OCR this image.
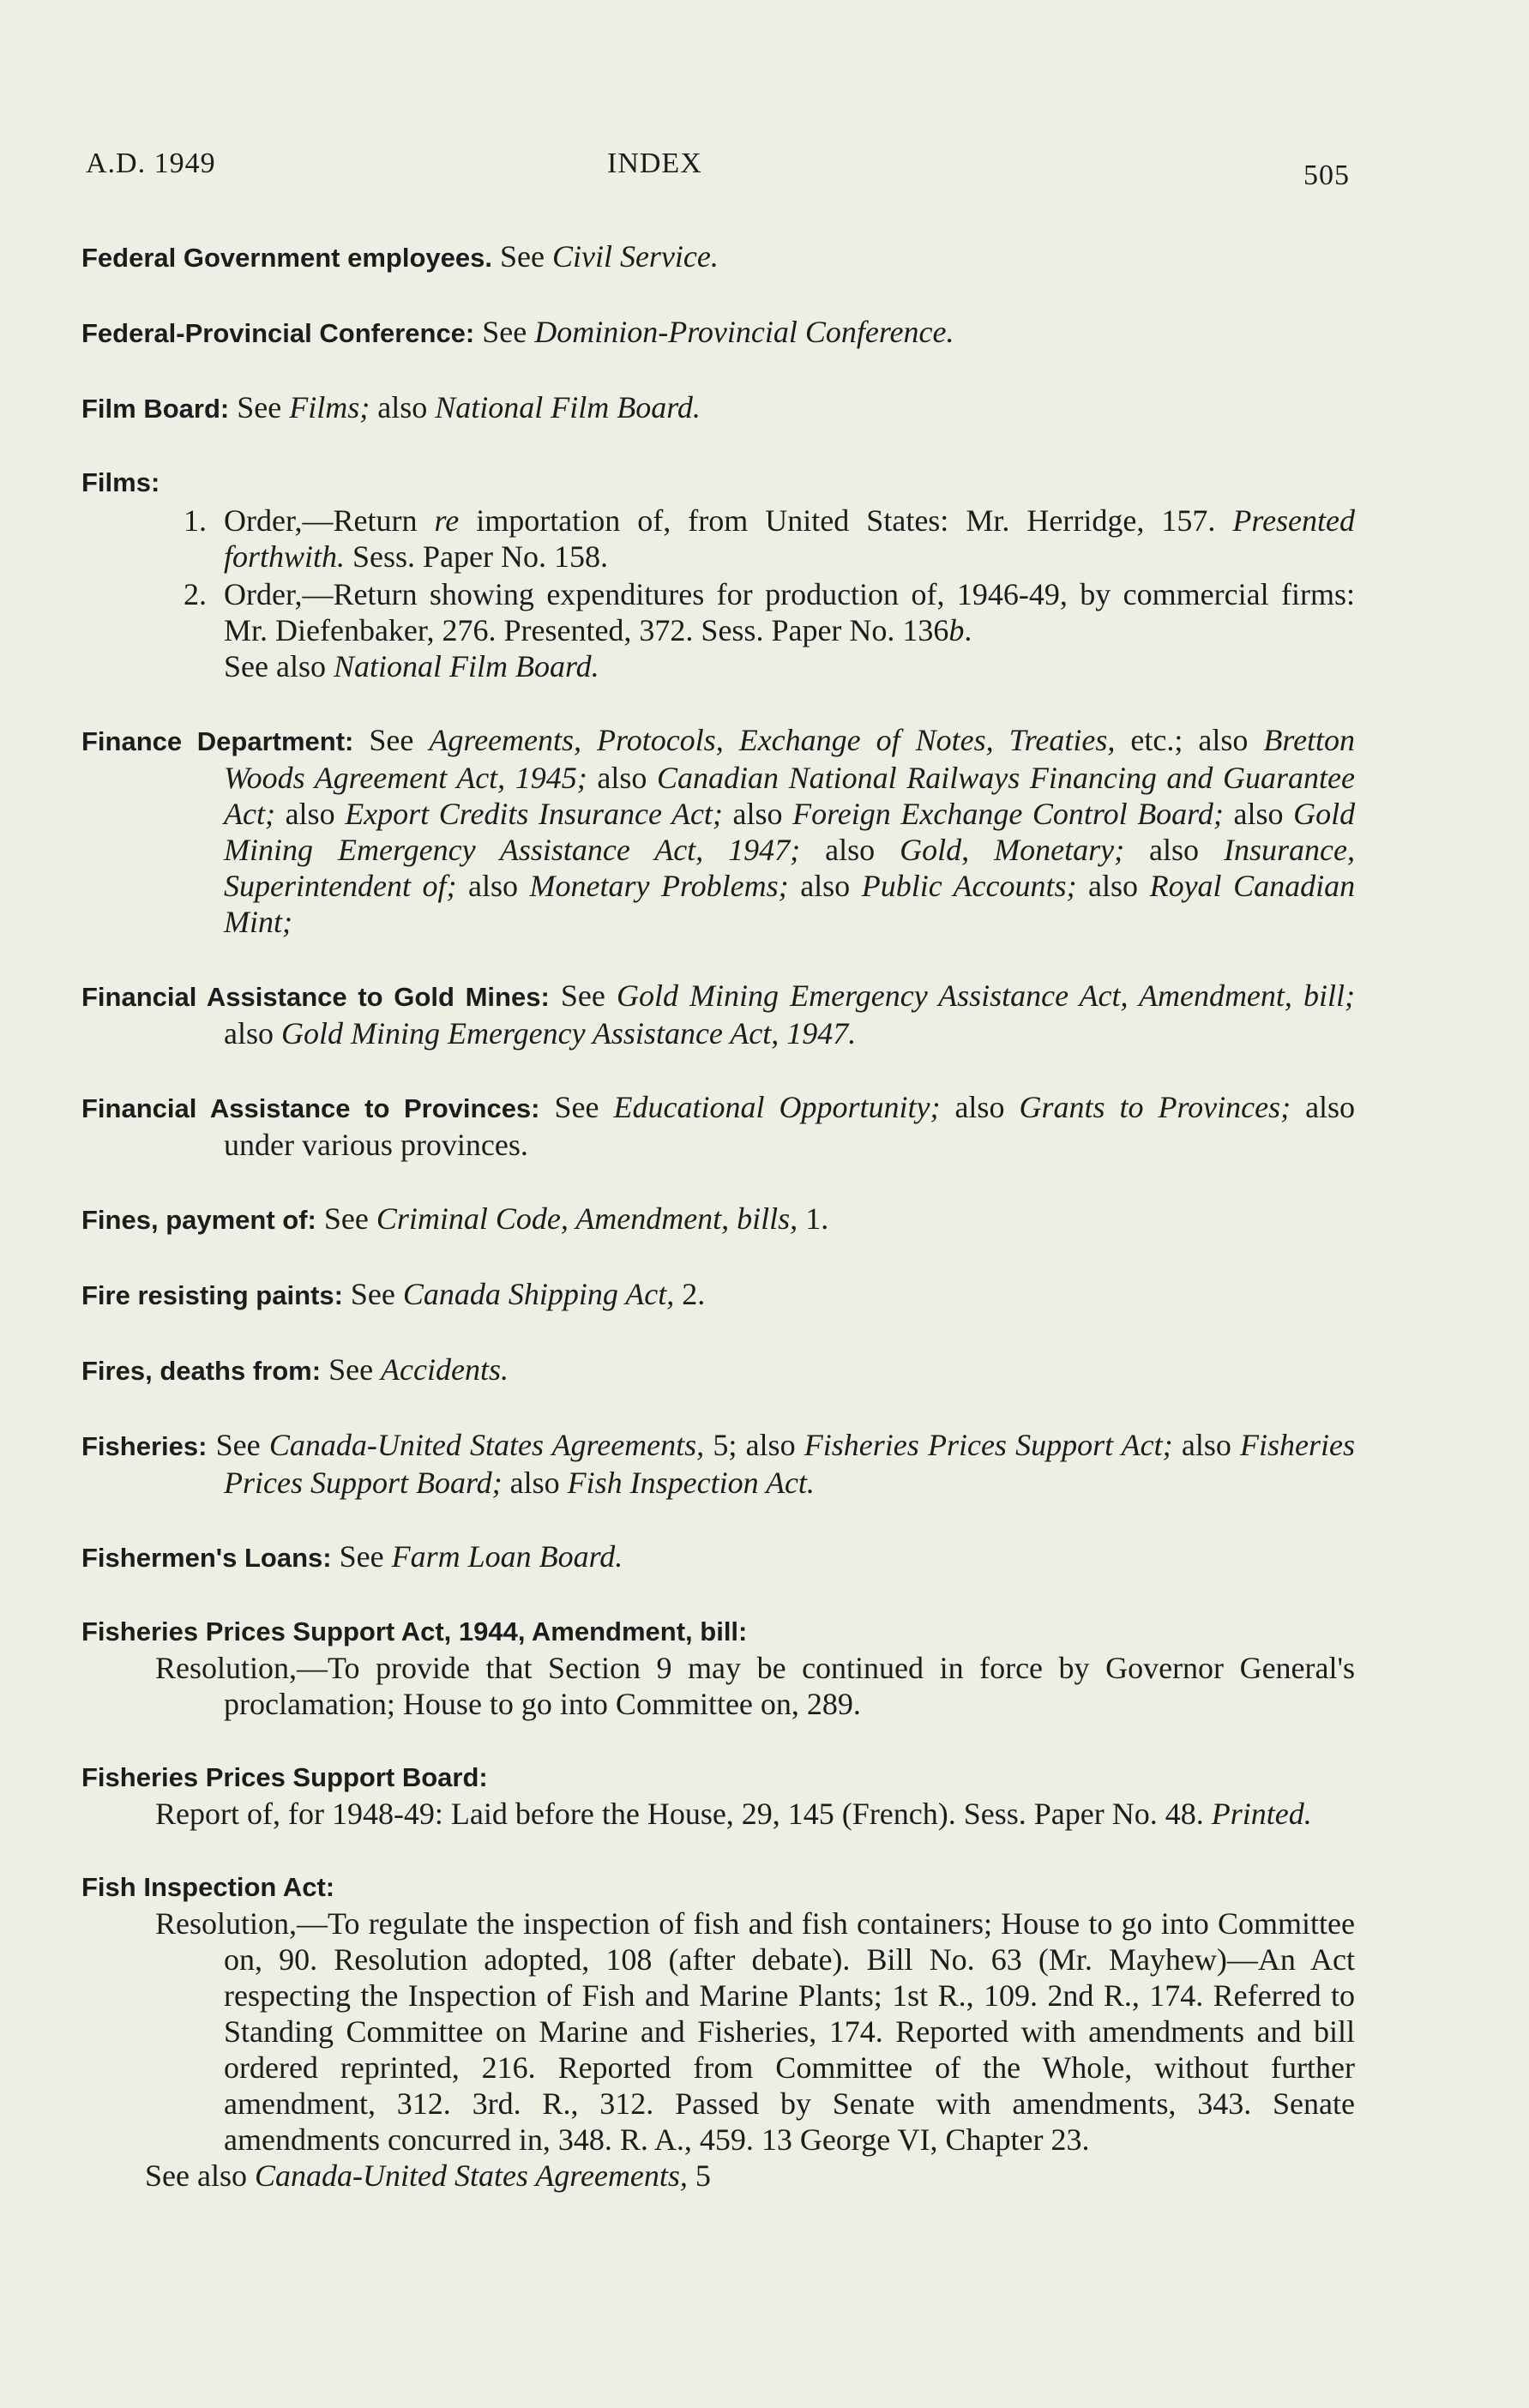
A.D. 1949	INDEX	505
Federal Government employees. See Civil Service.
Federal-Provincial Conference: See Dominion-Provincial Conference.
Film Board: See Films; also National Film Board.
Films:
1. Order,—Return re importation of, from United States: Mr. Herridge, 157. Presented forthwith. Sess. Paper No. 158.
2. Order,—Return showing expenditures for production of, 1946-49, by commercial firms: Mr. Diefenbaker, 276. Presented, 372. Sess. Paper No. 136b.
See also National Film Board.
Finance Department: See Agreements, Protocols, Exchange of Notes, Treaties, etc.; also Bretton Woods Agreement Act, 1945; also Canadian National Railways Financing and Guarantee Act; also Export Credits Insurance Act; also Foreign Exchange Control Board; also Gold Mining Emergency Assistance Act, 1947; also Gold, Monetary; also Insurance, Superintendent of; also Monetary Problems; also Public Accounts; also Royal Canadian Mint;
Financial Assistance to Gold Mines: See Gold Mining Emergency Assistance Act, Amendment, bill; also Gold Mining Emergency Assistance Act, 1947.
Financial Assistance to Provinces: See Educational Opportunity; also Grants to Provinces; also under various provinces.
Fines, payment of: See Criminal Code, Amendment, bills, 1.
Fire resisting paints: See Canada Shipping Act, 2.
Fires, deaths from: See Accidents.
Fisheries: See Canada-United States Agreements, 5; also Fisheries Prices Support Act; also Fisheries Prices Support Board; also Fish Inspection Act.
Fishermen's Loans: See Farm Loan Board.
Fisheries Prices Support Act, 1944, Amendment, bill:
Resolution,—To provide that Section 9 may be continued in force by Governor General's proclamation; House to go into Committee on, 289.
Fisheries Prices Support Board:
Report of, for 1948-49: Laid before the House, 29, 145 (French). Sess. Paper No. 48. Printed.
Fish Inspection Act:
Resolution,—To regulate the inspection of fish and fish containers; House to go into Committee on, 90. Resolution adopted, 108 (after debate). Bill No. 63 (Mr. Mayhew)—An Act respecting the Inspection of Fish and Marine Plants; 1st R., 109. 2nd R., 174. Referred to Standing Committee on Marine and Fisheries, 174. Reported with amendments and bill ordered reprinted, 216. Reported from Committee of the Whole, without further amendment, 312. 3rd. R., 312. Passed by Senate with amendments, 343. Senate amendments concurred in, 348. R. A., 459. 13 George VI, Chapter 23.
See also Canada-United States Agreements, 5
